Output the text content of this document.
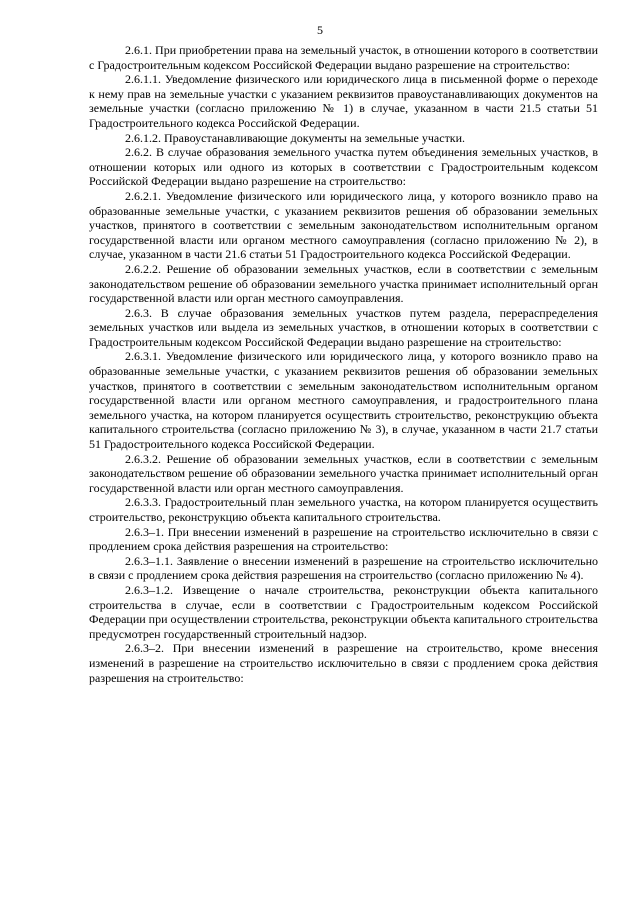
5

2.6.1. При приобретении права на земельный участок, в отношении которого в соответствии с Градостроительным кодексом Российской Федерации выдано разрешение на строительство:

2.6.1.1. Уведомление физического или юридического лица в письменной форме о переходе к нему прав на земельные участки с указанием реквизитов правоустанавливающих документов на земельные участки (согласно приложению № 1) в случае, указанном в части 21.5 статьи 51 Градостроительного кодекса Российской Федерации.

2.6.1.2. Правоустанавливающие документы на земельные участки.

2.6.2. В случае образования земельного участка путем объединения земельных участков, в отношении которых или одного из которых в соответствии с Градостроительным кодексом Российской Федерации выдано разрешение на строительство:

2.6.2.1. Уведомление физического или юридического лица, у которого возникло право на образованные земельные участки, с указанием реквизитов решения об образовании земельных участков, принятого в соответствии с земельным законодательством исполнительным органом государственной власти или органом местного самоуправления (согласно приложению № 2), в случае, указанном в части 21.6 статьи 51 Градостроительного кодекса Российской Федерации.

2.6.2.2. Решение об образовании земельных участков, если в соответствии с земельным законодательством решение об образовании земельного участка принимает исполнительный орган государственной власти или орган местного самоуправления.

2.6.3. В случае образования земельных участков путем раздела, перераспределения земельных участков или выдела из земельных участков, в отношении которых в соответствии с Градостроительным кодексом Российской Федерации выдано разрешение на строительство:

2.6.3.1. Уведомление физического или юридического лица, у которого возникло право на образованные земельные участки, с указанием реквизитов решения об образовании земельных участков, принятого в соответствии с земельным законодательством исполнительным органом государственной власти или органом местного самоуправления, и градостроительного плана земельного участка, на котором планируется осуществить строительство, реконструкцию объекта капитального строительства (согласно приложению № 3), в случае, указанном в части 21.7 статьи 51 Градостроительного кодекса Российской Федерации.

2.6.3.2. Решение об образовании земельных участков, если в соответствии с земельным законодательством решение об образовании земельного участка принимает исполнительный орган государственной власти или орган местного самоуправления.

2.6.3.3. Градостроительный план земельного участка, на котором планируется осуществить строительство, реконструкцию объекта капитального строительства.

2.6.3–1. При внесении изменений в разрешение на строительство исключительно в связи с продлением срока действия разрешения на строительство:

2.6.3–1.1. Заявление о внесении изменений в разрешение на строительство исключительно в связи с продлением срока действия разрешения на строительство (согласно приложению № 4).

2.6.3–1.2. Извещение о начале строительства, реконструкции объекта капитального строительства в случае, если в соответствии с Градостроительным кодексом Российской Федерации при осуществлении строительства, реконструкции объекта капитального строительства предусмотрен государственный строительный надзор.

2.6.3–2. При внесении изменений в разрешение на строительство, кроме внесения изменений в разрешение на строительство исключительно в связи с продлением срока действия разрешения на строительство:
